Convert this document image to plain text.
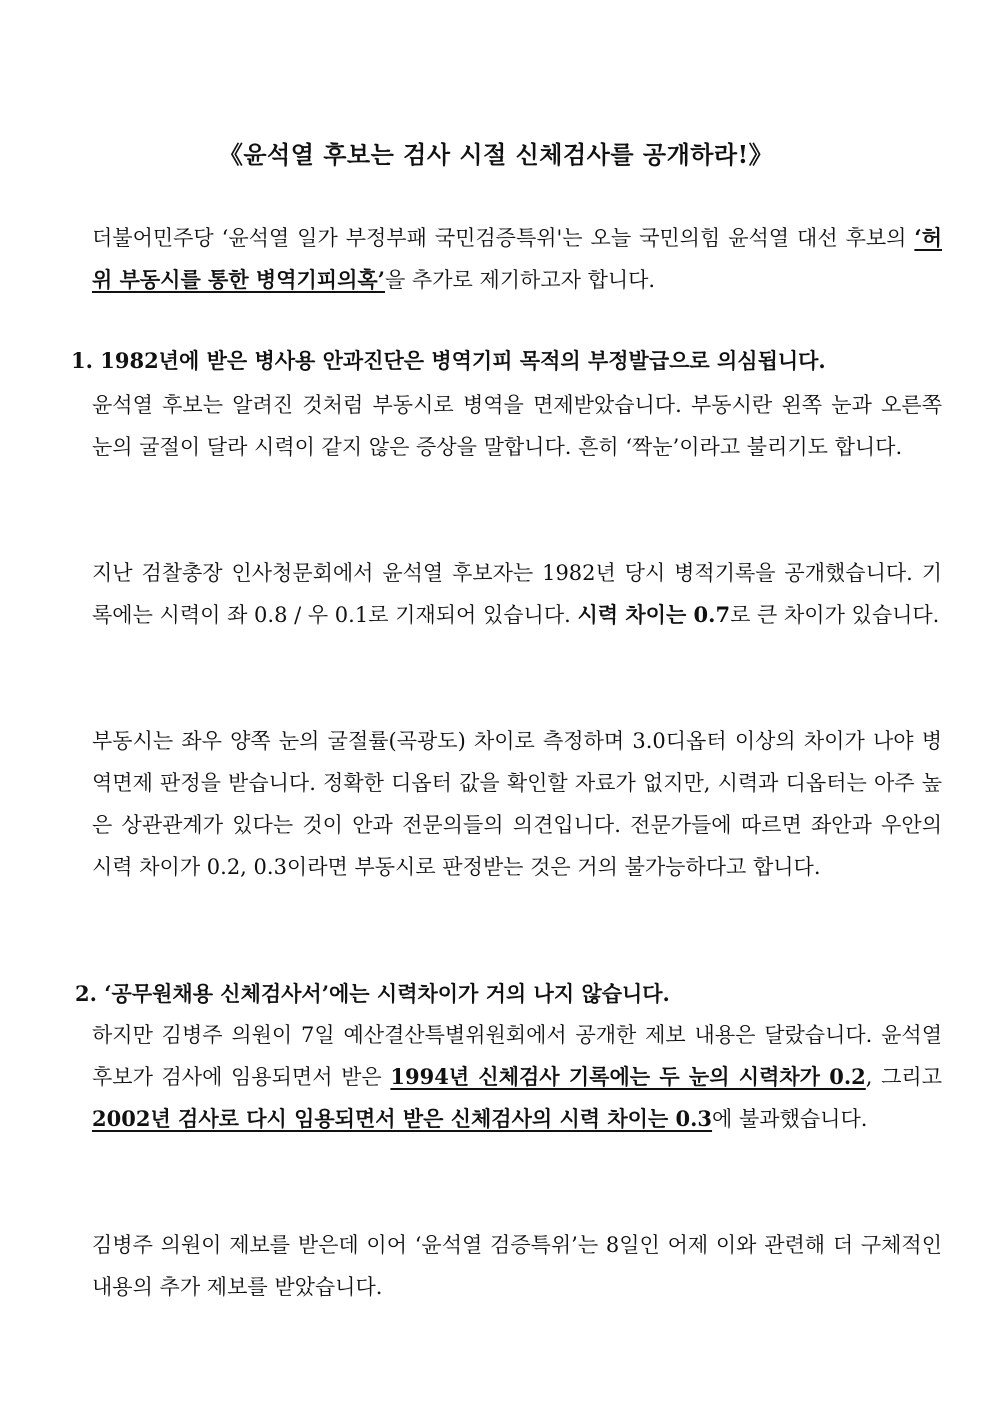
《윤석열 후보는 검사 시절 신체검사를 공개하라!》
더불어민주당 ‘윤석열 일가 부정부패 국민검증특위'는 오늘 국민의힘 윤석열 대선 후보의 ‘허위 부동시를 통한 병역기피의혹’을 추가로 제기하고자 합니다.
1. 1982년에 받은 병사용 안과진단은 병역기피 목적의 부정발급으로 의심됩니다.
윤석열 후보는 알려진 것처럼 부동시로 병역을 면제받았습니다. 부동시란 왼쪽 눈과 오른쪽 눈의 굴절이 달라 시력이 같지 않은 증상을 말합니다. 흔히 ‘짝눈’이라고 불리기도 합니다.
지난 검찰총장 인사청문회에서 윤석열 후보자는 1982년 당시 병적기록을 공개했습니다. 기록에는 시력이 좌 0.8 / 우 0.1로 기재되어 있습니다. 시력 차이는 0.7로 큰 차이가 있습니다.
부동시는 좌우 양쪽 눈의 굴절률(곡광도) 차이로 측정하며 3.0디옵터 이상의 차이가 나야 병역면제 판정을 받습니다. 정확한 디옵터 값을 확인할 자료가 없지만, 시력과 디옵터는 아주 높은 상관관계가 있다는 것이 안과 전문의들의 의견입니다. 전문가들에 따르면 좌안과 우안의 시력 차이가 0.2, 0.3이라면 부동시로 판정받는 것은 거의 불가능하다고 합니다.
2. ‘공무원채용 신체검사서’에는 시력차이가 거의 나지 않습니다.
하지만 김병주 의원이 7일 예산결산특별위원회에서 공개한 제보 내용은 달랐습니다. 윤석열 후보가 검사에 임용되면서 받은 1994년 신체검사 기록에는 두 눈의 시력차가 0.2, 그리고 2002년 검사로 다시 임용되면서 받은 신체검사의 시력 차이는 0.3에 불과했습니다.
김병주 의원이 제보를 받은데 이어 ‘윤석열 검증특위’는 8일인 어제 이와 관련해 더 구체적인 내용의 추가 제보를 받았습니다.
